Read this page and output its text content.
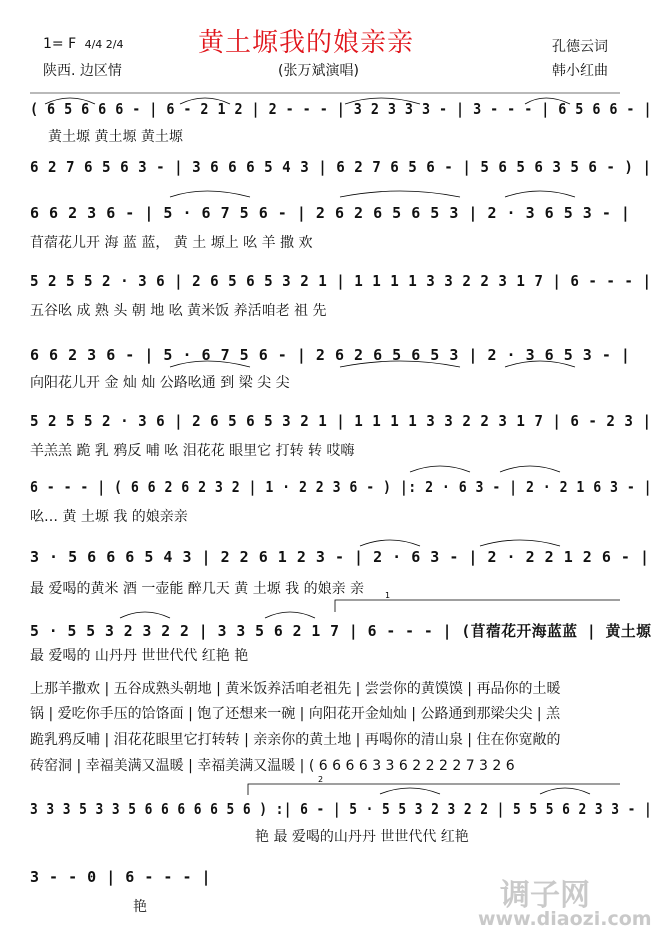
1
2
1= F 4/4 2/4	黄土塬我的娘亲亲	孔德云词
陕西. 边区情	(张万斌演唱)	韩小红曲
( 6 5 6 6 6 - | 6 - 2 1 2 | 2 - - - | 3 2 3 3 3 - | 3 - - - | 6 5 6 6 - |
黄土塬 黄土塬 黄土塬
6 2 7 6 5 6 3 - | 3 6 6 6 5 4 3 | 6 2 7 6 5 6 - | 5 6 5 6 3 5 6 - ) |
6 6 2 3 6 - | 5 · 6 7 5 6 - | 2 6 2 6 5 6 5 3 | 2 · 3 6 5 3 - |
苜蓿花儿开 海 蓝 蓝， 黄 土 塬上 吆 羊 撒 欢
5 2 5 5 2 · 3 6 | 2 6 5 6 5 3 2 1 | 1 1 1 1 3 3 2 2 3 1 7 | 6 - - - |
五谷吆 成 熟 头 朝 地 吆 黄米饭 养活咱老 祖 先
6 6 2 3 6 - | 5 · 6 7 5 6 - | 2 6 2 6 5 6 5 3 | 2 · 3 6 5 3 - |
向阳花儿开 金 灿 灿 公路吆通 到 梁 尖 尖
5 2 5 5 2 · 3 6 | 2 6 5 6 5 3 2 1 | 1 1 1 1 3 3 2 2 3 1 7 | 6 - 2 3 |
羊羔羔 跪 乳 鸦反 哺 吆 泪花花 眼里它 打转 转 哎嗨
6 - - - | ( 6 6 2 6 2 3 2 | 1 · 2 2 3 6 - ) |: 2 · 6 3 - | 2 · 2 1 6 3 - |
吆… 黄 土塬 我 的娘亲亲
3 · 5 6 6 6 5 4 3 | 2 2 6 1 2 3 - | 2 · 6 3 - | 2 · 2 2 1 2 6 - |
最 爱喝的黄米 酒 一壶能 醉几天 黄 土塬 我 的娘亲 亲
5 · 5 5 3 2 3 2 2 | 3 3 5 6 2 1 7 | 6 - - - | (苜蓿花开海蓝蓝 | 黄土塬
最 爱喝的 山丹丹 世世代代 红艳 艳
上那羊撒欢 | 五谷成熟头朝地 | 黄米饭养活咱老祖先 | 尝尝你的黄馍馍 | 再品你的土暖
锅 | 爱吃你手压的饸饹面 | 饱了还想来一碗 | 向阳花开金灿灿 | 公路通到那梁尖尖 | 羔
跪乳鸦反哺 | 泪花花眼里它打转转 | 亲亲你的黄土地 | 再喝你的清山泉 | 住在你宽敞的
砖窑洞 | 幸福美满又温暖 | 幸福美满又温暖 | ( 6 6 6 6 3 3 6 2 2 2 2 7 3 2 6
3 3 3 5 3 3 5 6 6 6 6 6 5 6 ) :| 6 - | 5 · 5 5 3 2 3 2 2 | 5 5 5 6 2 3 3 - |
艳 最 爱喝的山丹丹 世世代代 红艳
3 - - 0 | 6 - - - |
艳	调子网
www.diaozi.com
